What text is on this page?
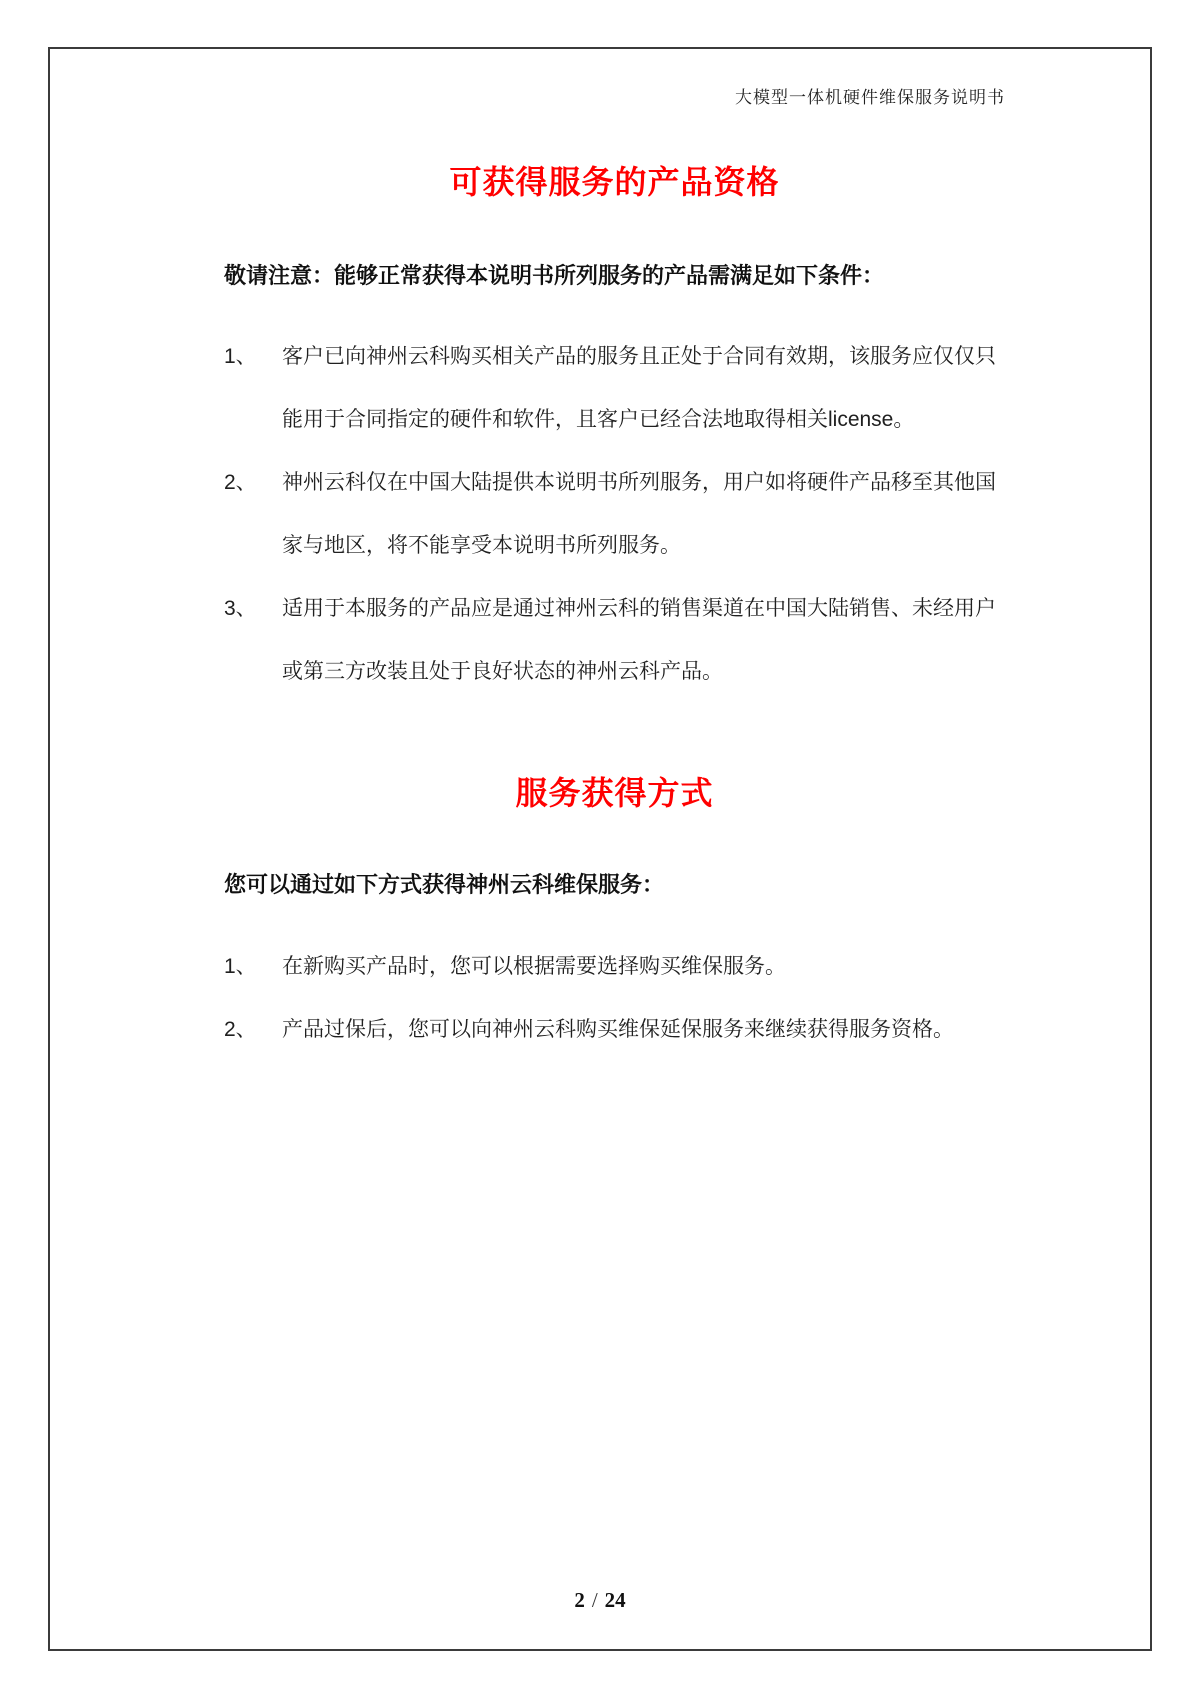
大模型一体机硬件维保服务说明书
可获得服务的产品资格

敬请注意：能够正常获得本说明书所列服务的产品需满足如下条件：

1、 客户已向神州云科购买相关产品的服务且正处于合同有效期，该服务应仅仅只
能用于合同指定的硬件和软件，且客户已经合法地取得相关license。
2、 神州云科仅在中国大陆提供本说明书所列服务，用户如将硬件产品移至其他国
家与地区，将不能享受本说明书所列服务。
3、 适用于本服务的产品应是通过神州云科的销售渠道在中国大陆销售、未经用户
或第三方改装且处于良好状态的神州云科产品。
服务获得方式

您可以通过如下方式获得神州云科维保服务：

1、 在新购买产品时，您可以根据需要选择购买维保服务。
2、 产品过保后，您可以向神州云科购买维保延保服务来继续获得服务资格。
2 / 24
